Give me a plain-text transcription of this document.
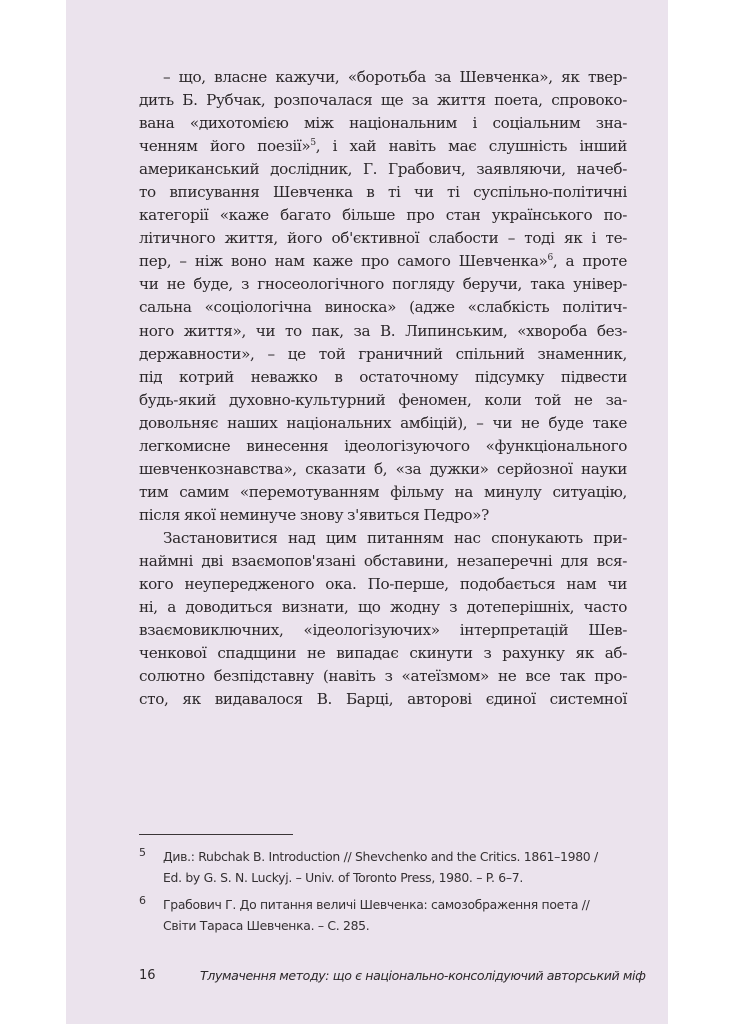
– що, власне кажучи, «боротьба за Шевченка», як твер-
дить Б. Рубчак, розпочалася ще за життя поета, спровоко-
вана «дихотомією між національним і соціальним зна-
ченням його поезії»$^5$, і хай навіть має слушність інший
американський дослідник, Г. Грабович, заявляючи, начеб-
то вписування Шевченка в ті чи ті суспільно-політичні
категорії «каже багато більше про стан українського по-
літичного життя, його об'єктивної слабости – тоді як і те-
пер, – ніж воно нам каже про самого Шевченка»$^6$, а проте
чи не буде, з гносеологічного погляду беручи, така універ-
сальна «соціологічна виноска» (адже «слабкість політич-
ного життя», чи то пак, за В. Липинським, «хвороба без-
державности», – це той граничний спільний знаменник,
під котрий неважко в остаточному підсумку підвести
будь-який духовно-культурний феномен, коли той не за-
довольняє наших національних амбіцій), – чи не буде таке
легкомисне винесення ідеологізуючого «функціонального
шевченкознавства», сказати б, «за дужки» серйозної науки
тим самим «перемотуванням фільму на минулу ситуацію,
після якої неминуче знову з'явиться Педро»?
Застановитися над цим питанням нас спонукають при-
наймні дві взаємопов'язані обставини, незаперечні для вся-
кого неупередженого ока. По-перше, подобається нам чи
ні, а доводиться визнати, що жодну з дотеперішніх, часто
взаємовиключних, «ідеологізуючих» інтерпретацій Шев-
ченкової спадщини не випадає скинути з рахунку як аб-
солютно безпідставну (навіть з «атеїзмом» не все так про-
сто, як видавалося В. Барці, авторові єдиної системної
5 Див.: Rubchak B. Introduction // Shevchenko and the Critics. 1861–1980 /
Ed. by G. S. N. Luckyj. – Univ. of Toronto Press, 1980. – P. 6–7.
6 Грабович Г. До питання величі Шевченка: самозображення поета //
Світи Тараса Шевченка. – С. 285.
16	Тлумачення методу: що є національно-консолідуючий авторський міф
